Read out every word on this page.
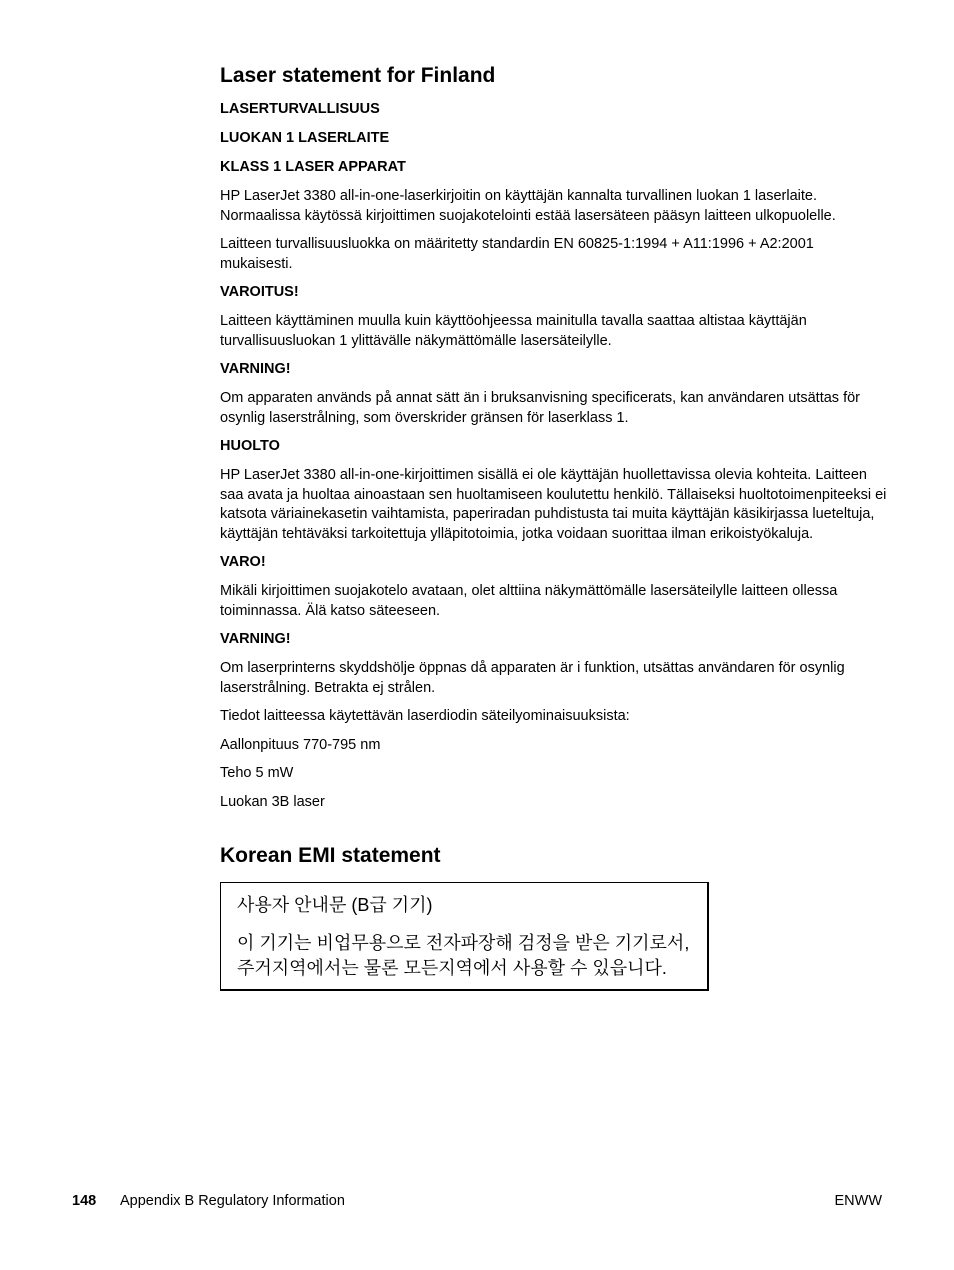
Laser statement for Finland
LASERTURVALLISUUS
LUOKAN 1 LASERLAITE
KLASS 1 LASER APPARAT

HP LaserJet 3380 all-in-one-laserkirjoitin on käyttäjän kannalta turvallinen luokan 1 laserlaite. Normaalissa käytössä kirjoittimen suojakotelointi estää lasersäteen pääsyn laitteen ulkopuolelle.

Laitteen turvallisuusluokka on määritetty standardin EN 60825-1:1994 + A11:1996 + A2:2001 mukaisesti.

VAROITUS!

Laitteen käyttäminen muulla kuin käyttöohjeessa mainitulla tavalla saattaa altistaa käyttäjän turvallisuusluokan 1 ylittävälle näkymättömälle lasersäteilylle.

VARNING!

Om apparaten används på annat sätt än i bruksanvisning specificerats, kan användaren utsättas för osynlig laserstrålning, som överskrider gränsen för laserklass 1.

HUOLTO

HP LaserJet 3380 all-in-one-kirjoittimen sisällä ei ole käyttäjän huollettavissa olevia kohteita. Laitteen saa avata ja huoltaa ainoastaan sen huoltamiseen koulutettu henkilö. Tällaiseksi huoltotoimenpiteeksi ei katsota väriainekasetin vaihtamista, paperiradan puhdistusta tai muita käyttäjän käsikirjassa lueteltuja, käyttäjän tehtäväksi tarkoitettuja ylläpitotoimia, jotka voidaan suorittaa ilman erikoistyökaluja.

VARO!

Mikäli kirjoittimen suojakotelo avataan, olet alttiina näkymättömälle lasersäteilylle laitteen ollessa toiminnassa. Älä katso säteeseen.

VARNING!

Om laserprinterns skyddshölje öppnas då apparaten är i funktion, utsättas användaren för osynlig laserstrålning. Betrakta ej strålen.

Tiedot laitteessa käytettävän laserdiodin säteilyominaisuuksista:

Aallonpituus 770-795 nm

Teho 5 mW

Luokan 3B laser

Korean EMI statement
사용자 안내문 (B급 기기)
이 기기는 비업무용으로 전자파장해 검정을 받은 기기로서, 주거지역에서는 물론 모든지역에서 사용할 수 있읍니다.
148 Appendix B Regulatory Information	ENWW
